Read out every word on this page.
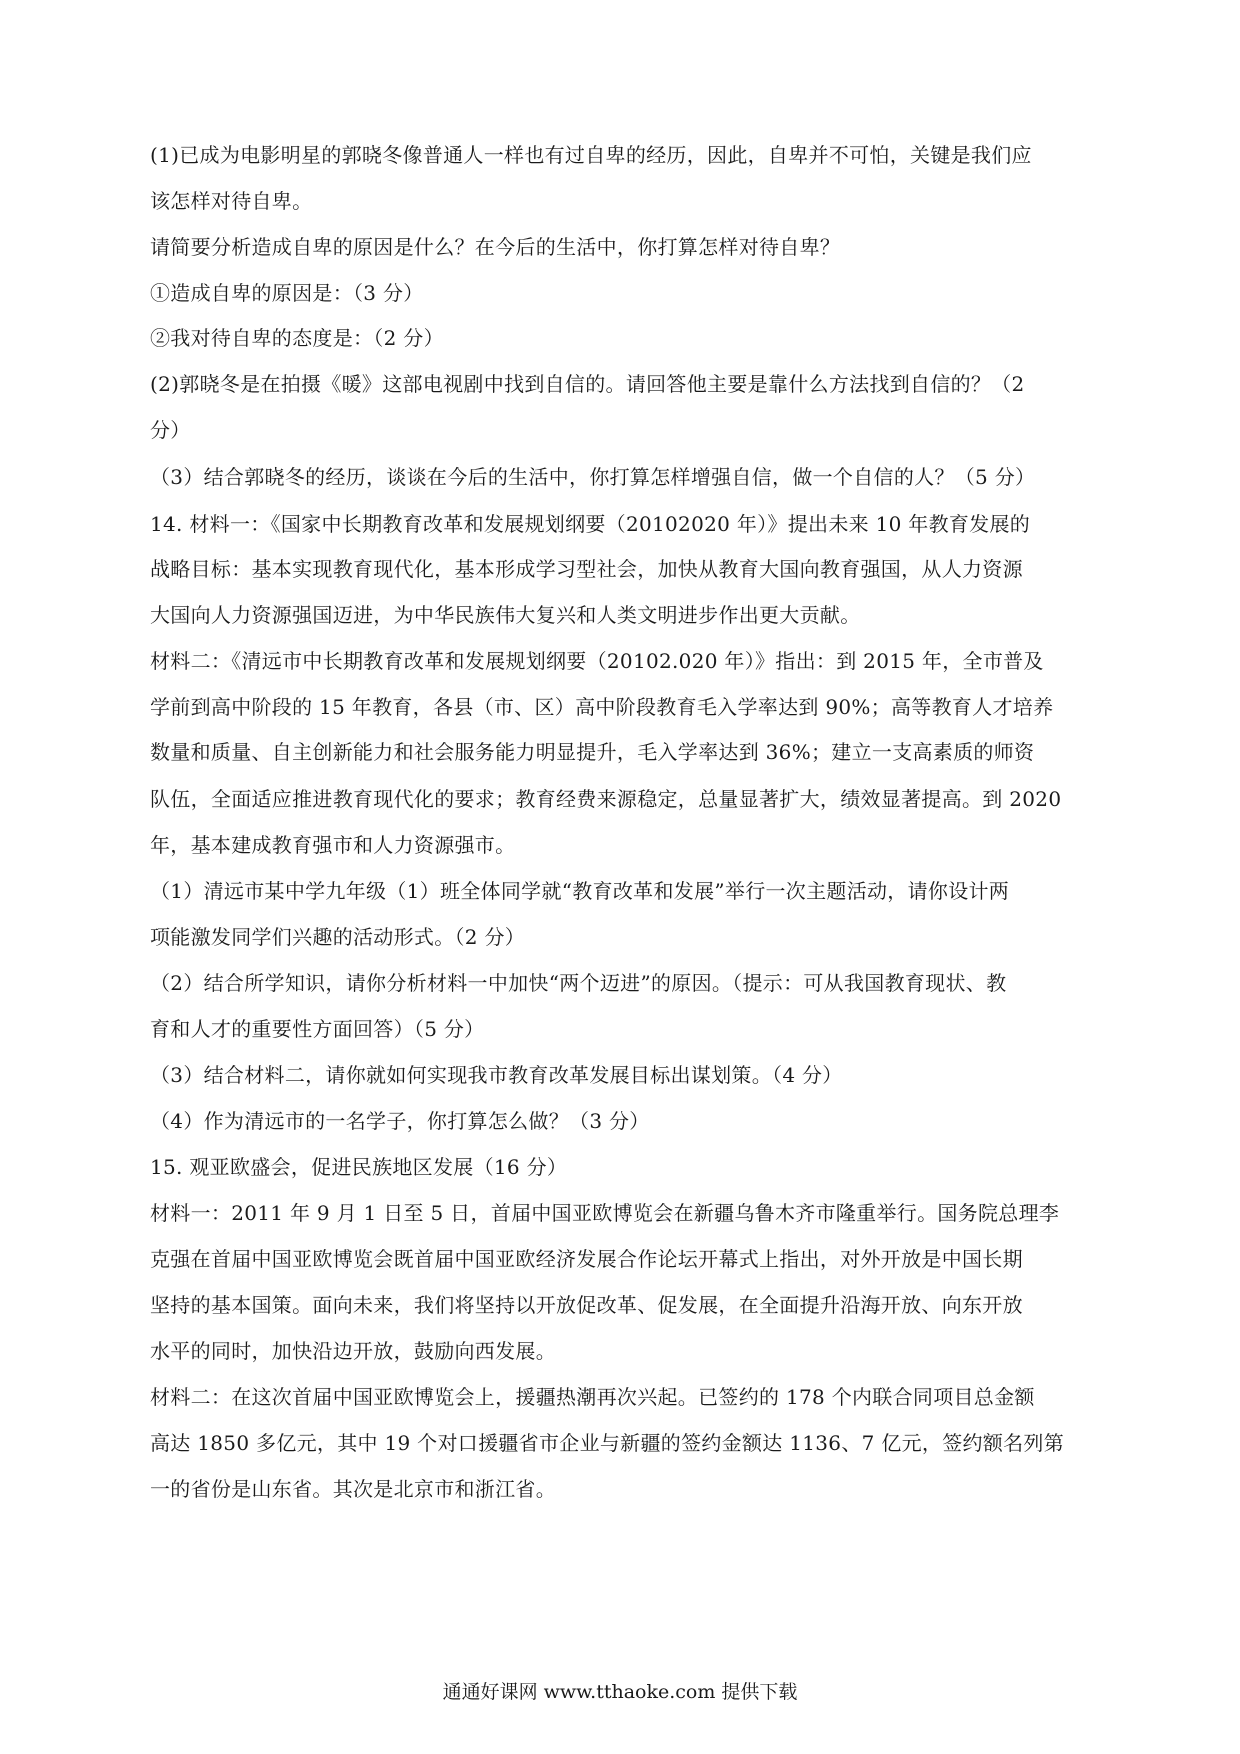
(1)已成为电影明星的郭晓冬像普通人一样也有过自卑的经历，因此，自卑并不可怕，关键是我们应
该怎样对待自卑。
请简要分析造成自卑的原因是什么？在今后的生活中，你打算怎样对待自卑？
①造成自卑的原因是：（3 分）
②我对待自卑的态度是：（2 分）
(2)郭晓冬是在拍摄《暖》这部电视剧中找到自信的。请回答他主要是靠什么方法找到自信的？（2
分）
（3）结合郭晓冬的经历，谈谈在今后的生活中，你打算怎样增强自信，做一个自信的人？（5 分）
14. 材料一：《国家中长期教育改革和发展规划纲要（20102020 年）》提出未来 10 年教育发展的
战略目标：基本实现教育现代化，基本形成学习型社会，加快从教育大国向教育强国，从人力资源
大国向人力资源强国迈进，为中华民族伟大复兴和人类文明进步作出更大贡献。
材料二：《清远市中长期教育改革和发展规划纲要（20102.020 年）》指出：到 2015 年，全市普及
学前到高中阶段的 15 年教育，各县（市、区）高中阶段教育毛入学率达到 90%；高等教育人才培养
数量和质量、自主创新能力和社会服务能力明显提升，毛入学率达到 36%；建立一支高素质的师资
队伍，全面适应推进教育现代化的要求；教育经费来源稳定，总量显著扩大，绩效显著提高。到 2020
年，基本建成教育强市和人力资源强市。
（1）清远市某中学九年级（1）班全体同学就“教育改革和发展”举行一次主题活动，请你设计两
项能激发同学们兴趣的活动形式。（2 分）
（2）结合所学知识，请你分析材料一中加快“两个迈进”的原因。（提示：可从我国教育现状、教
育和人才的重要性方面回答）（5 分）
（3）结合材料二，请你就如何实现我市教育改革发展目标出谋划策。（4 分）
（4）作为清远市的一名学子，你打算怎么做？（3 分）
15. 观亚欧盛会，促进民族地区发展（16 分）
材料一：2011 年 9 月 1 日至 5 日，首届中国亚欧博览会在新疆乌鲁木齐市隆重举行。国务院总理李
克强在首届中国亚欧博览会既首届中国亚欧经济发展合作论坛开幕式上指出，对外开放是中国长期
坚持的基本国策。面向未来，我们将坚持以开放促改革、促发展，在全面提升沿海开放、向东开放
水平的同时，加快沿边开放，鼓励向西发展。
材料二：在这次首届中国亚欧博览会上，援疆热潮再次兴起。已签约的 178 个内联合同项目总金额
高达 1850 多亿元，其中 19 个对口援疆省市企业与新疆的签约金额达 1136、7 亿元，签约额名列第
一的省份是山东省。其次是北京市和浙江省。
通通好课网 www.tthaoke.com 提供下载
